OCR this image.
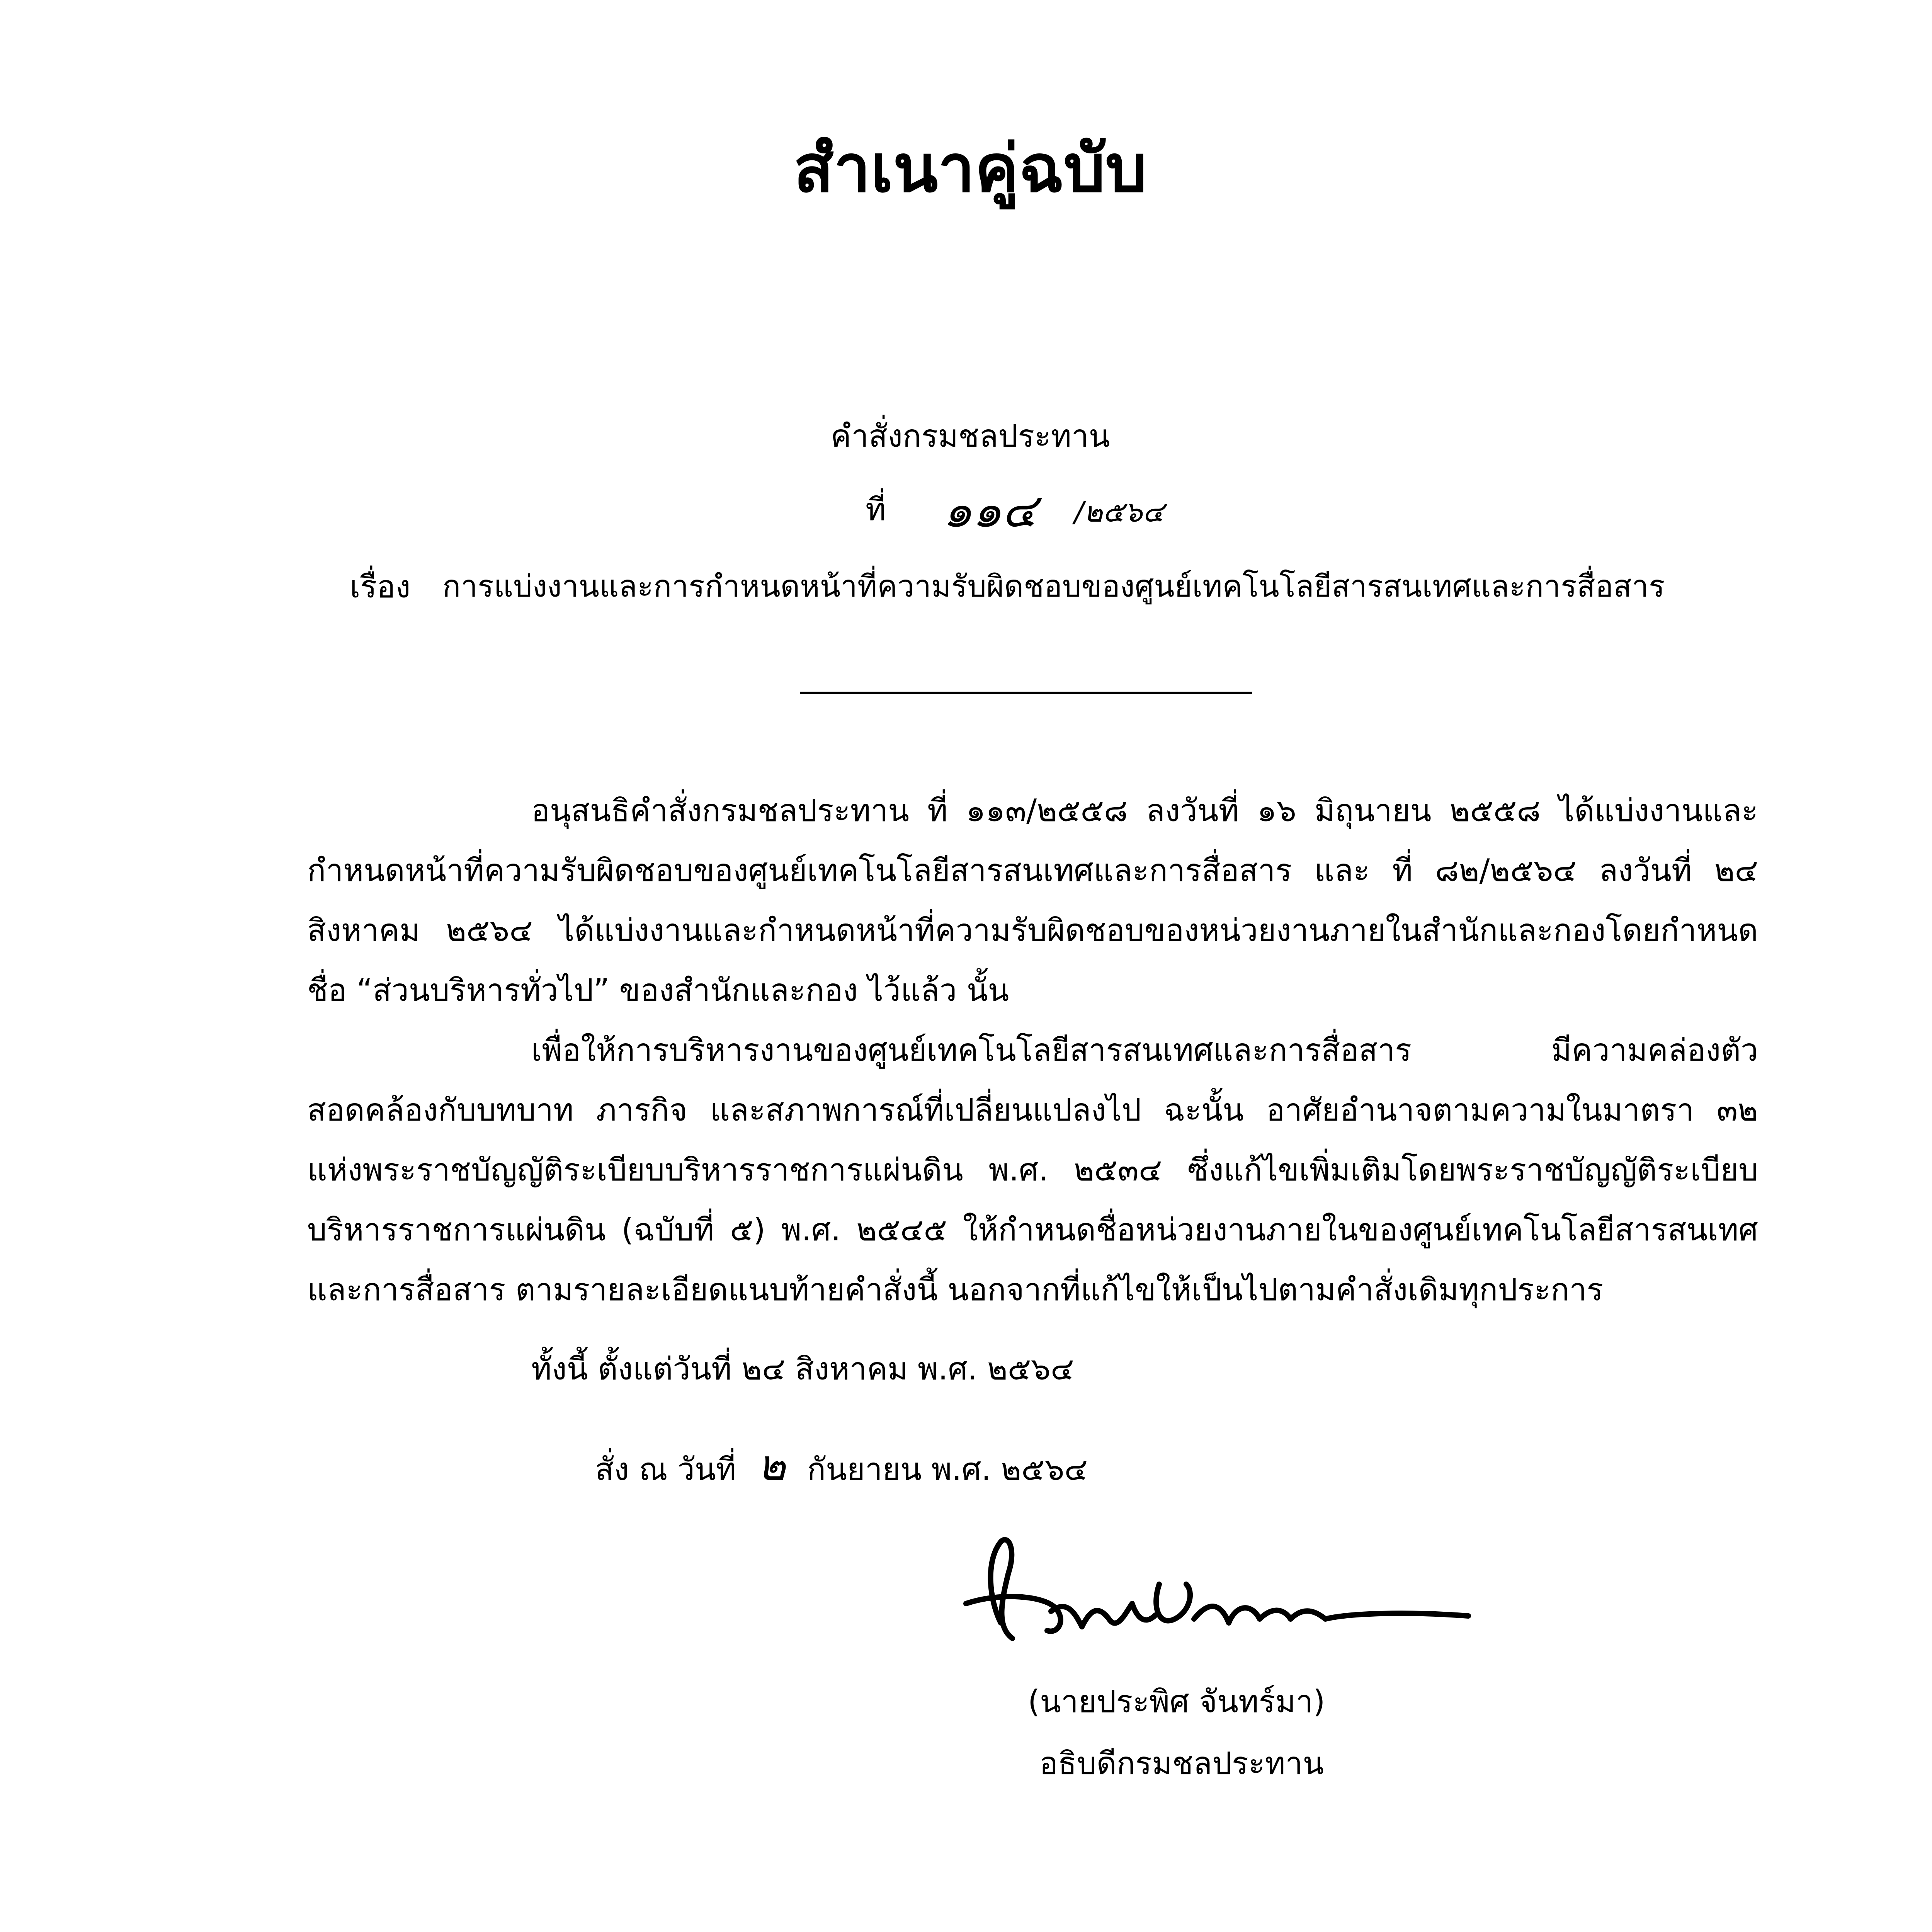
สำเนาคู่ฉบับ
คำสั่งกรมชลประทาน
ที่ ๑๑๔ /๒๕๖๔
เรื่อง การแบ่งงานและการกำหนดหน้าที่ความรับผิดชอบของศูนย์เทคโนโลยีสารสนเทศและการสื่อสาร

อนุสนธิคำสั่งกรมชลประทาน ที่ ๑๑๓/๒๕๕๘ ลงวันที่ ๑๖ มิถุนายน ๒๕๕๘ ได้แบ่งงานและกำหนดหน้าที่ความรับผิดชอบของศูนย์เทคโนโลยีสารสนเทศและการสื่อสาร และ ที่ ๘๒/๒๕๖๔ ลงวันที่ ๒๔ สิงหาคม ๒๕๖๔ ได้แบ่งงานและกำหนดหน้าที่ความรับผิดชอบของหน่วยงานภายในสำนักและกองโดยกำหนดชื่อ “ส่วนบริหารทั่วไป” ของสำนักและกอง ไว้แล้ว นั้น

เพื่อให้การบริหารงานของศูนย์เทคโนโลยีสารสนเทศและการสื่อสาร มีความคล่องตัวสอดคล้องกับบทบาท ภารกิจ และสภาพการณ์ที่เปลี่ยนแปลงไป ฉะนั้น อาศัยอำนาจตามความในมาตรา ๓๒ แห่งพระราชบัญญัติระเบียบบริหารราชการแผ่นดิน พ.ศ. ๒๕๓๔ ซึ่งแก้ไขเพิ่มเติมโดยพระราชบัญญัติระเบียบบริหารราชการแผ่นดิน (ฉบับที่ ๕) พ.ศ. ๒๕๔๕ ให้กำหนดชื่อหน่วยงานภายในของศูนย์เทคโนโลยีสารสนเทศและการสื่อสาร ตามรายละเอียดแนบท้ายคำสั่งนี้ นอกจากที่แก้ไขให้เป็นไปตามคำสั่งเดิมทุกประการ

ทั้งนี้ ตั้งแต่วันที่ ๒๔ สิงหาคม พ.ศ. ๒๕๖๔

สั่ง ณ วันที่ ๒ กันยายน พ.ศ. ๒๕๖๔
(นายประพิศ จันทร์มา)
อธิบดีกรมชลประทาน
